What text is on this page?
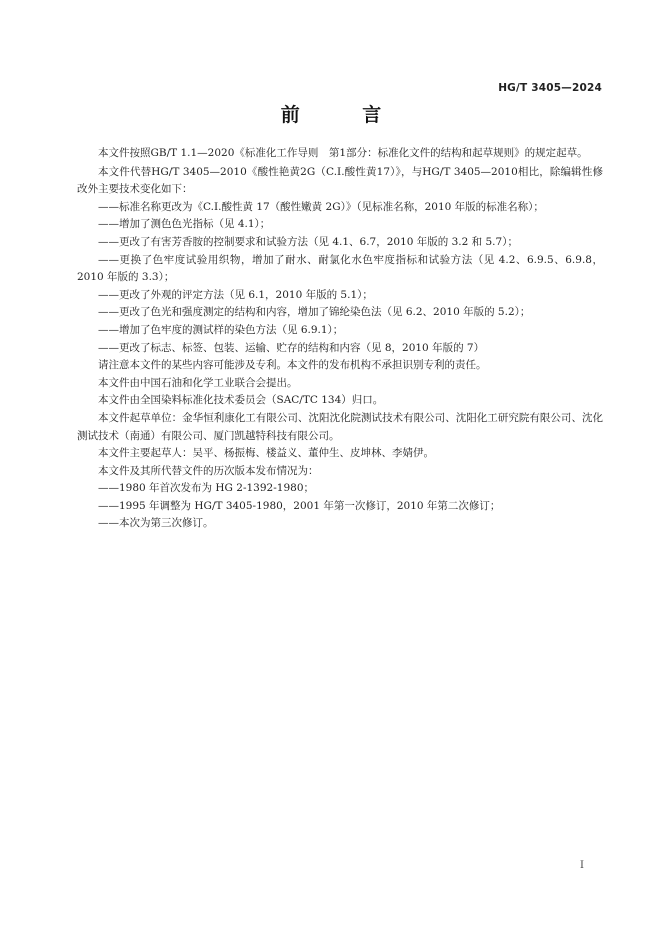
HG/T 3405—2024
前 言

本文件按照GB/T 1.1—2020《标准化工作导则　第1部分：标准化文件的结构和起草规则》的规定起草。

本文件代替HG/T 3405—2010《酸性艳黄2G（C.I.酸性黄17）》，与HG/T 3405—2010相比，除编辑性修改外主要技术变化如下：

——标准名称更改为《C.I.酸性黄 17（酸性嫩黄 2G）》（见标准名称，2010 年版的标准名称）；

——增加了测色色光指标（见 4.1）；

——更改了有害芳香胺的控制要求和试验方法（见 4.1、6.7，2010 年版的 3.2 和 5.7）；

——更换了色牢度试验用织物，增加了耐水、耐氯化水色牢度指标和试验方法（见 4.2、6.9.5、6.9.8，2010 年版的 3.3）；

——更改了外观的评定方法（见 6.1，2010 年版的 5.1）；

——更改了色光和强度测定的结构和内容，增加了锦纶染色法（见 6.2、2010 年版的 5.2）；

——增加了色牢度的测试样的染色方法（见 6.9.1）；

——更改了标志、标签、包装、运输、贮存的结构和内容（见 8，2010 年版的 7）

请注意本文件的某些内容可能涉及专利。本文件的发布机构不承担识别专利的责任。

本文件由中国石油和化学工业联合会提出。

本文件由全国染料标准化技术委员会（SAC/TC 134）归口。

本文件起草单位：金华恒利康化工有限公司、沈阳沈化院测试技术有限公司、沈阳化工研究院有限公司、沈化测试技术（南通）有限公司、厦门凯越特科技有限公司。

本文件主要起草人：吴平、杨振梅、楼益义、董仲生、皮坤林、李婧伊。

本文件及其所代替文件的历次版本发布情况为：

——1980 年首次发布为 HG 2-1392-1980；

——1995 年调整为 HG/T 3405-1980，2001 年第一次修订，2010 年第二次修订；

——本次为第三次修订。

I
